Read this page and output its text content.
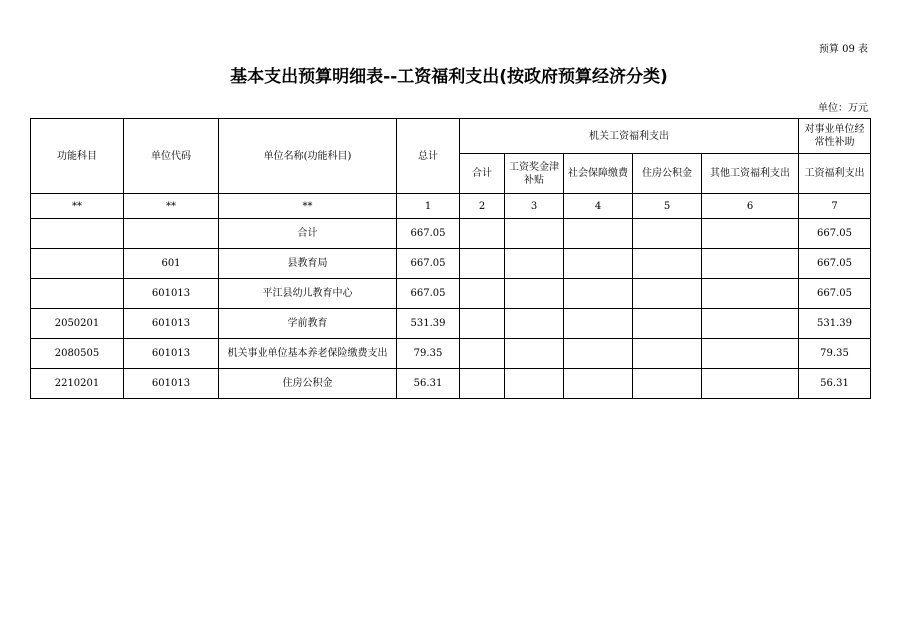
预算 09 表
基本支出预算明细表--工资福利支出(按政府预算经济分类)
单位：万元
功能科目	单位代码	单位名称(功能科目)	总计	机关工资福利支出					对事业单位经常性补助
				合计	工资奖金津补贴	社会保障缴费	住房公积金	其他工资福利支出	工资福利支出
**	**	**	1	2	3	4	5	6	7
		合计	667.05						667.05
	601	县教育局	667.05						667.05
	601013	平江县幼儿教育中心	667.05						667.05
2050201	601013	学前教育	531.39						531.39
2080505	601013	机关事业单位基本养老保险缴费支出	79.35						79.35
2210201	601013	住房公积金	56.31						56.31
